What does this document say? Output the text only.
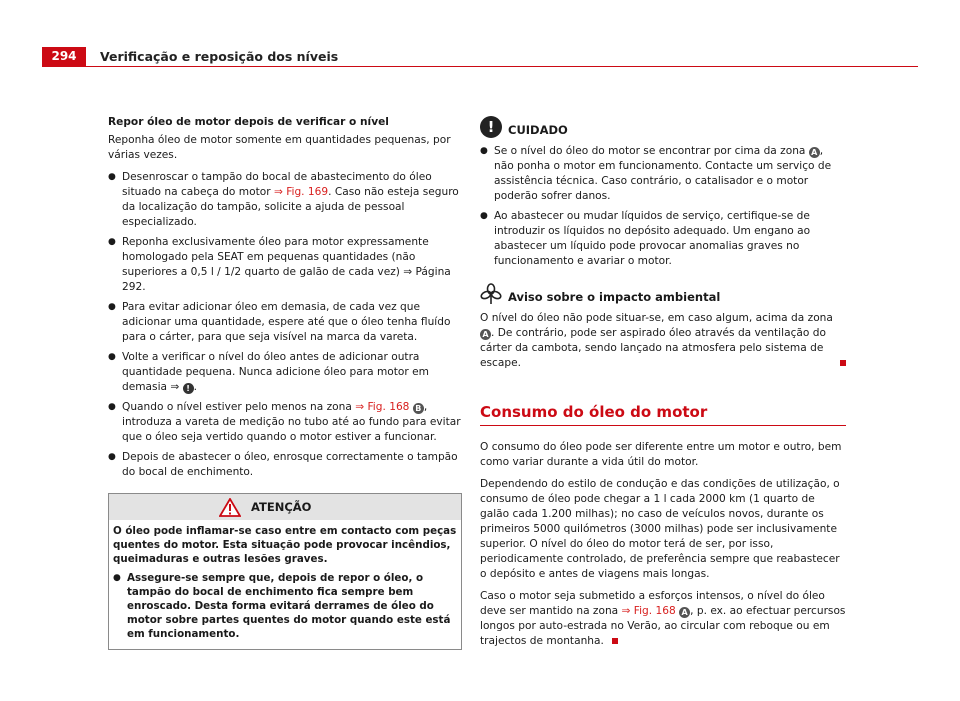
294	Verificação e reposição dos níveis
Repor óleo de motor depois de verificar o nível

Reponha óleo de motor somente em quantidades pequenas, por várias vezes.

● Desenroscar o tampão do bocal de abastecimento do óleo situado na cabeça do motor ⇒ Fig. 169. Caso não esteja seguro da localização do tampão, solicite a ajuda de pessoal especializado.
● Reponha exclusivamente óleo para motor expressamente homologado pela SEAT em pequenas quantidades (não superiores a 0,5 l / 1/2 quarto de galão de cada vez) ⇒ Página 292.
● Para evitar adicionar óleo em demasia, de cada vez que adicionar uma quantidade, espere até que o óleo tenha fluído para o cárter, para que seja visível na marca da vareta.
● Volte a verificar o nível do óleo antes de adicionar outra quantidade pequena. Nunca adicione óleo para motor em demasia ⇒ ! .
● Quando o nível estiver pelo menos na zona ⇒ Fig. 168 B , introduza a vareta de medição no tubo até ao fundo para evitar que o óleo seja vertido quando o motor estiver a funcionar.
● Depois de abastecer o óleo, enrosque correctamente o tampão do bocal de enchimento.
ATENÇÃO

O óleo pode inflamar-se caso entre em contacto com peças quentes do motor. Esta situação pode provocar incêndios, queimaduras e outras lesões graves.

● Assegure-se sempre que, depois de repor o óleo, o tampão do bocal de enchimento fica sempre bem enroscado. Desta forma evitará derrames de óleo do motor sobre partes quentes do motor quando este está em funcionamento.
!	CUIDADO
● Se o nível do óleo do motor se encontrar por cima da zona A , não ponha o motor em funcionamento. Contacte um serviço de assistência técnica. Caso contrário, o catalisador e o motor poderão sofrer danos.
● Ao abastecer ou mudar líquidos de serviço, certifique-se de introduzir os líquidos no depósito adequado. Um engano ao abastecer um líquido pode provocar anomalias graves no funcionamento e avariar o motor.
Aviso sobre o impacto ambiental

O nível do óleo não pode situar-se, em caso algum, acima da zona A . De contrário, pode ser aspirado óleo através da ventilação do cárter da cambota, sendo lançado na atmosfera pelo sistema de escape.

Consumo do óleo do motor

O consumo do óleo pode ser diferente entre um motor e outro, bem como variar durante a vida útil do motor.

Dependendo do estilo de condução e das condições de utilização, o consumo de óleo pode chegar a 1 l cada 2000 km (1 quarto de galão cada 1.200 milhas); no caso de veículos novos, durante os primeiros 5000 quilómetros (3000 milhas) pode ser inclusivamente superior. O nível do óleo do motor terá de ser, por isso, periodicamente controlado, de preferência sempre que reabastecer o depósito e antes de viagens mais longas.

Caso o motor seja submetido a esforços intensos, o nível do óleo deve ser mantido na zona ⇒ Fig. 168 A , p. ex. ao efectuar percursos longos por auto-estrada no Verão, ao circular com reboque ou em trajectos de montanha.
